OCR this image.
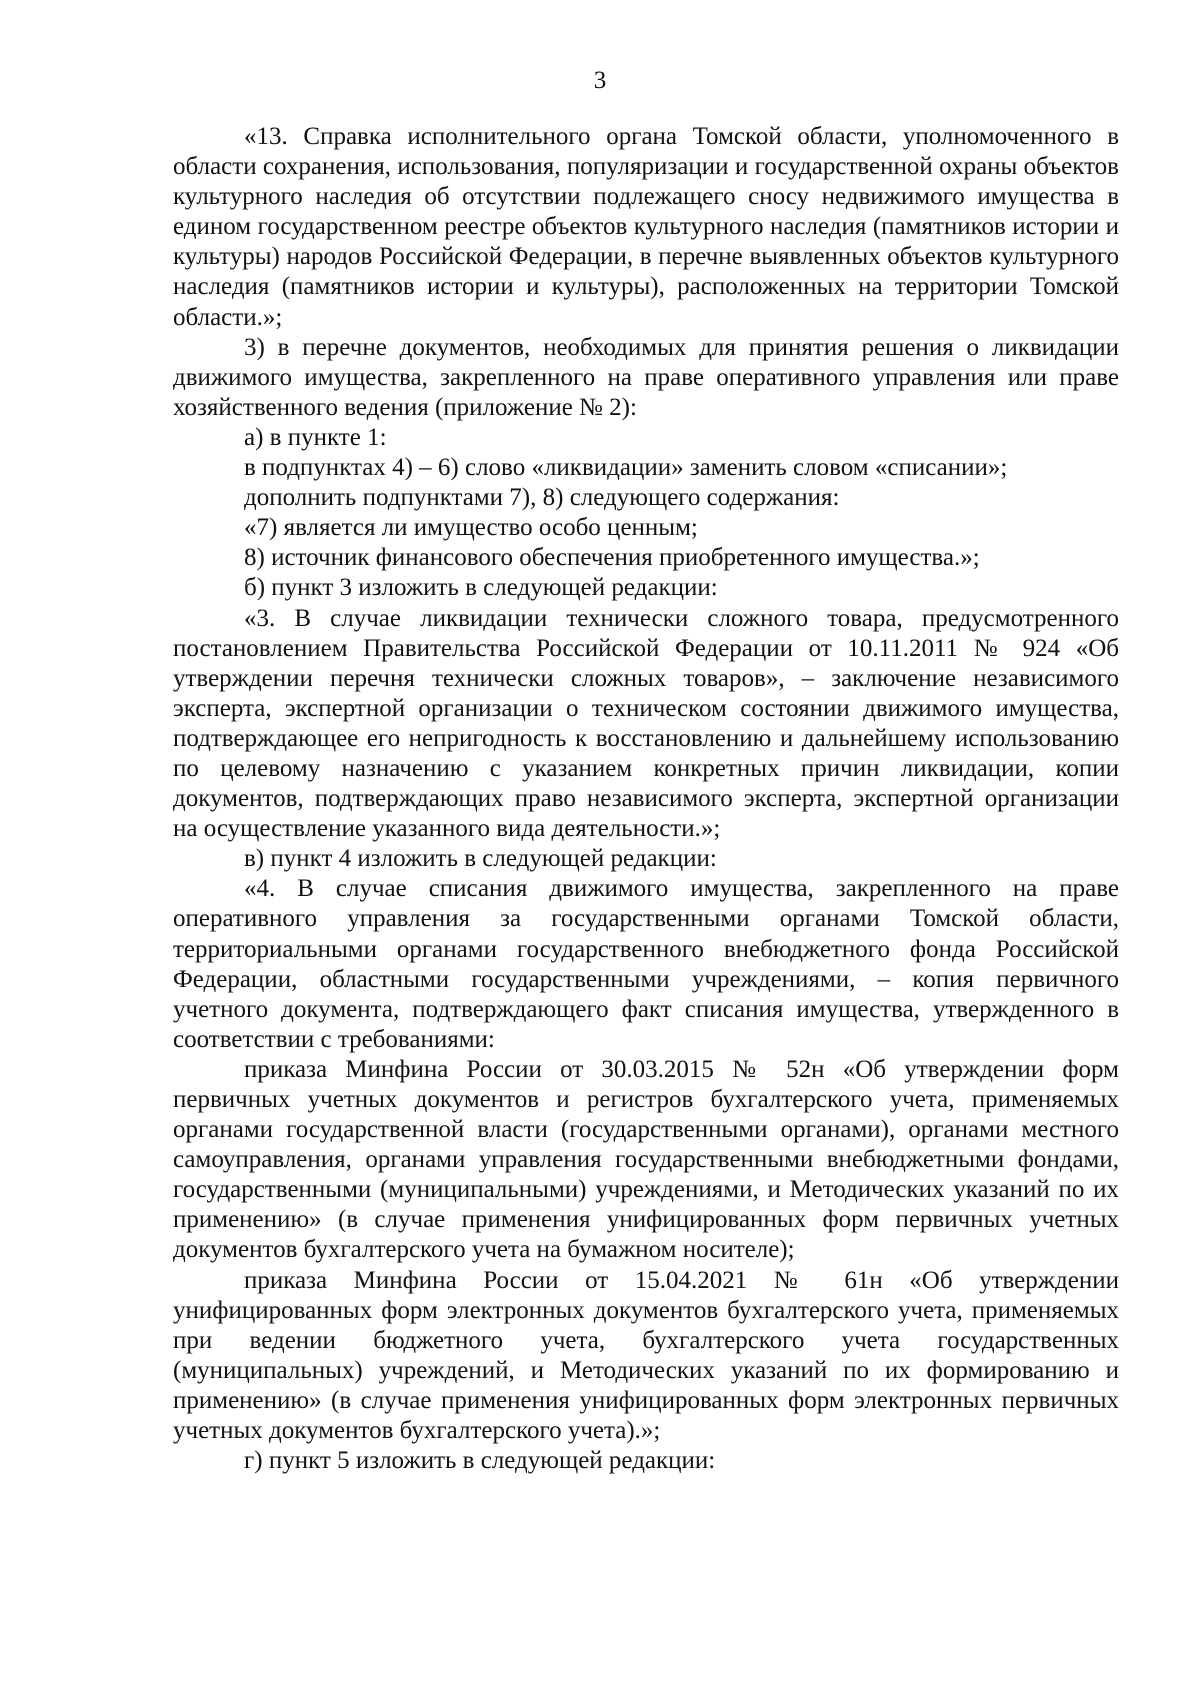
3

«13. Справка исполнительного органа Томской области, уполномоченного в области сохранения, использования, популяризации и государственной охраны объектов культурного наследия об отсутствии подлежащего сносу недвижимого имущества в едином государственном реестре объектов культурного наследия (памятников истории и культуры) народов Российской Федерации, в перечне выявленных объектов культурного наследия (памятников истории и культуры), расположенных на территории Томской области.»;

3) в перечне документов, необходимых для принятия решения о ликвидации движимого имущества, закрепленного на праве оперативного управления или праве хозяйственного ведения (приложение № 2):

а) в пункте 1:

в подпунктах 4) – 6) слово «ликвидации» заменить словом «списании»;

дополнить подпунктами 7), 8) следующего содержания:

«7) является ли имущество особо ценным;

8) источник финансового обеспечения приобретенного имущества.»;

б) пункт 3 изложить в следующей редакции:

«3. В случае ликвидации технически сложного товара, предусмотренного постановлением Правительства Российской Федерации от 10.11.2011 № 924 «Об утверждении перечня технически сложных товаров», – заключение независимого эксперта, экспертной организации о техническом состоянии движимого имущества, подтверждающее его непригодность к восстановлению и дальнейшему использованию по целевому назначению с указанием конкретных причин ликвидации, копии документов, подтверждающих право независимого эксперта, экспертной организации на осуществление указанного вида деятельности.»;

в) пункт 4 изложить в следующей редакции:

«4. В случае списания движимого имущества, закрепленного на праве оперативного управления за государственными органами Томской области, территориальными органами государственного внебюджетного фонда Российской Федерации, областными государственными учреждениями, – копия первичного учетного документа, подтверждающего факт списания имущества, утвержденного в соответствии с требованиями:

приказа Минфина России от 30.03.2015 № 52н «Об утверждении форм первичных учетных документов и регистров бухгалтерского учета, применяемых органами государственной власти (государственными органами), органами местного самоуправления, органами управления государственными внебюджетными фондами, государственными (муниципальными) учреждениями, и Методических указаний по их применению» (в случае применения унифицированных форм первичных учетных документов бухгалтерского учета на бумажном носителе);

приказа Минфина России от 15.04.2021 № 61н «Об утверждении унифицированных форм электронных документов бухгалтерского учета, применяемых при ведении бюджетного учета, бухгалтерского учета государственных (муниципальных) учреждений, и Методических указаний по их формированию и применению» (в случае применения унифицированных форм электронных первичных учетных документов бухгалтерского учета).»;

г) пункт 5 изложить в следующей редакции:
